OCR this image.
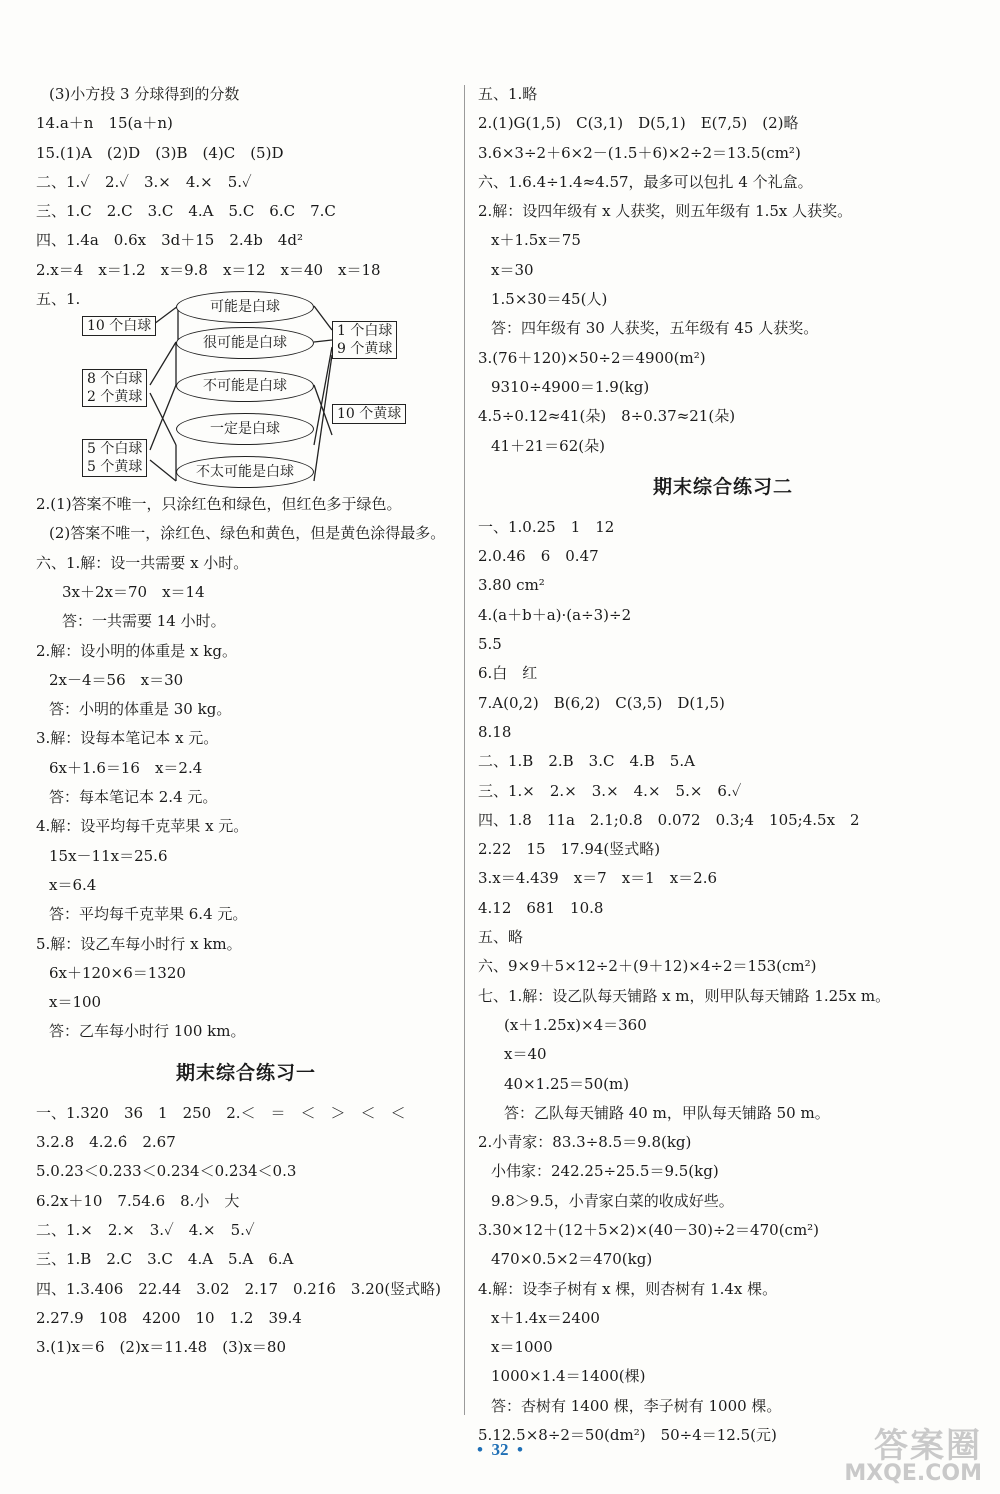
(3)小方投 3 分球得到的分数
14.a＋n　15(a＋n)
15.(1)A　(2)D　(3)B　(4)C　(5)D
二、1.✓　2.✓　3.×　4.×　5.✓
三、1.C　2.C　3.C　4.A　5.C　6.C　7.C
四、1.4a　0.6x　3d＋15　2.4b　4d²
2.x＝4　x＝1.2　x＝9.8　x＝12　x＝40　x＝18
五、1.
10 个白球
8 个白球
2 个黄球
5 个白球
5 个黄球
可能是白球
很可能是白球
不可能是白球
一定是白球
不太可能是白球
1 个白球
9 个黄球
10 个黄球
2.(1)答案不唯一，只涂红色和绿色，但红色多于绿色。
(2)答案不唯一，涂红色、绿色和黄色，但是黄色涂得最多。
六、1.解：设一共需要 x 小时。
3x＋2x＝70　x＝14
答：一共需要 14 小时。
2.解：设小明的体重是 x kg。
2x－4＝56　x＝30
答：小明的体重是 30 kg。
3.解：设每本笔记本 x 元。
6x＋1.6＝16　x＝2.4
答：每本笔记本 2.4 元。
4.解：设平均每千克苹果 x 元。
15x－11x＝25.6
x＝6.4
答：平均每千克苹果 6.4 元。
5.解：设乙车每小时行 x km。
6x＋120×6＝1320
x＝100
答：乙车每小时行 100 km。
期末综合练习一
一、1.320　36　1　250　2.＜　＝　＜　＞　＜　＜
3.2.8　4.2.6̇　2.67
5.0.23＜0.233＜0.234＜0.2̇34̇＜0.3
6.2x＋10　7.54.6　8.小　大
二、1.×　2.×　3.✓　4.×　5.✓
三、1.B　2.C　3.C　4.A　5.A　6.A
四、1.3.406　22.44　3.02　2.17　0.21̇6̇　3.20(竖式略)
2.27.9　108　4200　10　1.2　39.4
3.(1)x＝6　(2)x＝11.48　(3)x＝80
五、1.略
2.(1)G(1,5)　C(3,1)　D(5,1)　E(7,5)　(2)略
3.6×3÷2＋6×2－(1.5＋6)×2÷2＝13.5(cm²)
六、1.6.4÷1.4≈4.57，最多可以包扎 4 个礼盒。
2.解：设四年级有 x 人获奖，则五年级有 1.5x 人获奖。
x＋1.5x＝75
x＝30
1.5×30＝45(人)
答：四年级有 30 人获奖，五年级有 45 人获奖。
3.(76＋120)×50÷2＝4900(m²)
9310÷4900＝1.9(kg)
4.5÷0.12≈41(朵)　8÷0.37≈21(朵)
41＋21＝62(朵)
期末综合练习二
一、1.0.25　1　12
2.0.46　6　0.47
3.80 cm²
4.(a＋b＋a)·(a÷3)÷2
5.5
6.白　红
7.A(0,2)　B(6,2)　C(3,5)　D(1,5)
8.18
二、1.B　2.B　3.C　4.B　5.A
三、1.×　2.×　3.×　4.×　5.×　6.✓
四、1.8　11a　2.1;0.8　0.072　0.3;4　105;4.5x　2
2.22　15　17.94(竖式略)
3.x＝4.439　x＝7　x＝1　x＝2.6
4.12　681　10.8
五、略
六、9×9＋5×12÷2＋(9＋12)×4÷2＝153(cm²)
七、1.解：设乙队每天铺路 x m，则甲队每天铺路 1.25x m。
(x＋1.25x)×4＝360
x＝40
40×1.25＝50(m)
答：乙队每天铺路 40 m，甲队每天铺路 50 m。
2.小青家：83.3÷8.5＝9.8(kg)
小伟家：242.25÷25.5＝9.5(kg)
9.8＞9.5，小青家白菜的收成好些。
3.30×12＋(12＋5×2)×(40－30)÷2＝470(cm²)
470×0.5×2＝470(kg)
4.解：设李子树有 x 棵，则杏树有 1.4x 棵。
x＋1.4x＝2400
x＝1000
1000×1.4＝1400(棵)
答：杏树有 1400 棵，李子树有 1000 棵。
5.12.5×8÷2＝50(dm²)　50÷4＝12.5(元)
•  32  •	答案圈
MXQE.COM
